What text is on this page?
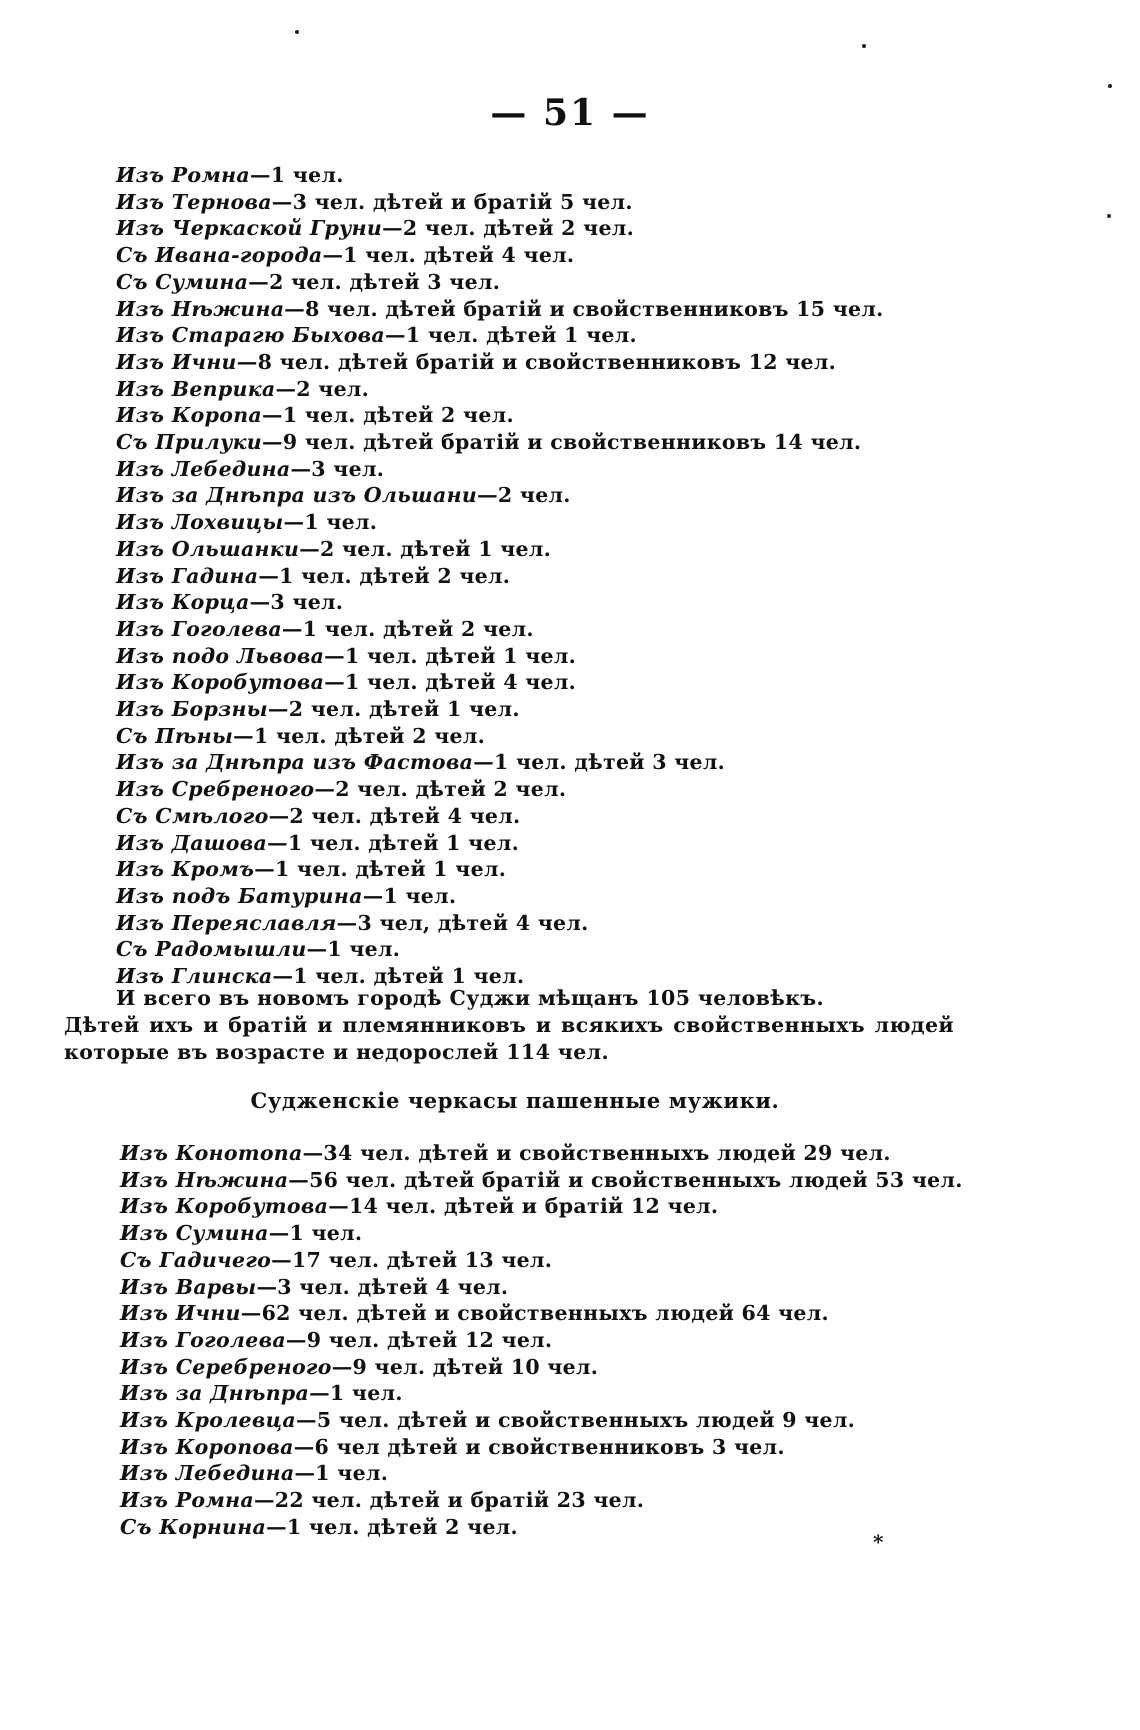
— 51 —
Изъ Ромна—1 чел.
Изъ Тернова—3 чел. дѣтей и братій 5 чел.
Изъ Черкаской Груни—2 чел. дѣтей 2 чел.
Съ Ивана-города—1 чел. дѣтей 4 чел.
Съ Сумина—2 чел. дѣтей 3 чел.
Изъ Нѣжина—8 чел. дѣтей братій и свойственниковъ 15 чел.
Изъ Старагю Быхова—1 чел. дѣтей 1 чел.
Изъ Ични—8 чел. дѣтей братій и свойственниковъ 12 чел.
Изъ Веприка—2 чел.
Изъ Коропа—1 чел. дѣтей 2 чел.
Съ Прилуки—9 чел. дѣтей братій и свойственниковъ 14 чел.
Изъ Лебедина—3 чел.
Изъ за Днѣпра изъ Ольшани—2 чел.
Изъ Лохвицы—1 чел.
Изъ Ольшанки—2 чел. дѣтей 1 чел.
Изъ Гадина—1 чел. дѣтей 2 чел.
Изъ Корца—3 чел.
Изъ Гоголева—1 чел. дѣтей 2 чел.
Изъ подо Львова—1 чел. дѣтей 1 чел.
Изъ Коробутова—1 чел. дѣтей 4 чел.
Изъ Борзны—2 чел. дѣтей 1 чел.
Съ Пѣны—1 чел. дѣтей 2 чел.
Изъ за Днѣпра изъ Фастова—1 чел. дѣтей 3 чел.
Изъ Сребреного—2 чел. дѣтей 2 чел.
Съ Смѣлого—2 чел. дѣтей 4 чел.
Изъ Дашова—1 чел. дѣтей 1 чел.
Изъ Кромъ—1 чел. дѣтей 1 чел.
Изъ подъ Батурина—1 чел.
Изъ Переяславля—3 чел, дѣтей 4 чел.
Съ Радомышли—1 чел.
Изъ Глинска—1 чел. дѣтей 1 чел.
И всего въ новомъ городѣ Суджи мѣщанъ 105 человѣкъ.
Дѣтей ихъ и братій и племянниковъ и всякихъ свойственныхъ людей которые въ возрасте и недорослей 114 чел.
Судженскіе черкасы пашенные мужики.
Изъ Конотопа—34 чел. дѣтей и свойственныхъ людей 29 чел.
Изъ Нѣжина—56 чел. дѣтей братій и свойственныхъ людей 53 чел.
Изъ Коробутова—14 чел. дѣтей и братій 12 чел.
Изъ Сумина—1 чел.
Съ Гадичего—17 чел. дѣтей 13 чел.
Изъ Варвы—3 чел. дѣтей 4 чел.
Изъ Ични—62 чел. дѣтей и свойственныхъ людей 64 чел.
Изъ Гоголева—9 чел. дѣтей 12 чел.
Изъ Серебреного—9 чел. дѣтей 10 чел.
Изъ за Днѣпра—1 чел.
Изъ Кролевца—5 чел. дѣтей и свойственныхъ людей 9 чел.
Изъ Коропова—6 чел дѣтей и свойственниковъ 3 чел.
Изъ Лебедина—1 чел.
Изъ Ромна—22 чел. дѣтей и братій 23 чел.
Съ Корнина—1 чел. дѣтей 2 чел.
*
